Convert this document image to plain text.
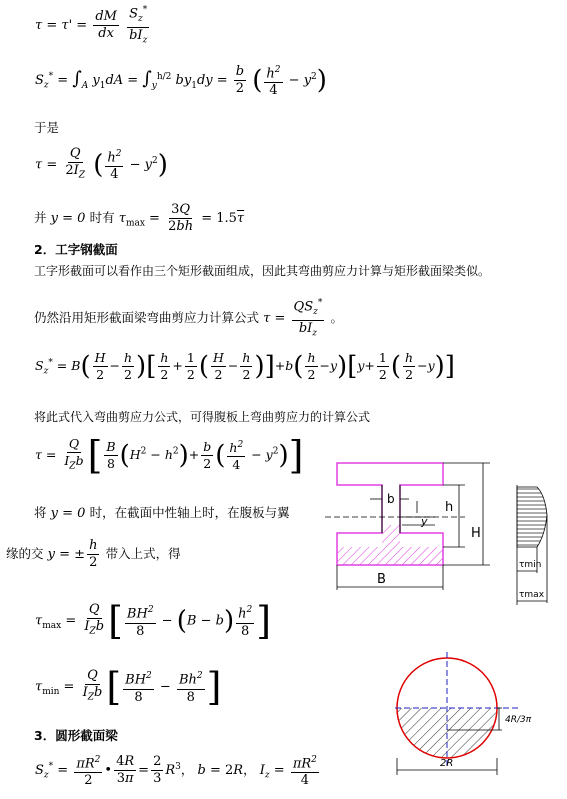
$\tau = \tau' = \frac{dM}{dx}$
$\frac{S_z^*}{bI_z}$
$S_z^* = \int_A$ $y_1dA = \int_y^{h/2}$ $by_1dy = \frac{b}{2}$ ( $\frac{h^2}{4} - y^2$)
于是
$\tau = \frac{Q}{2I_Z}$ ( $\frac{h^2}{4} - y^2$)
并 y = 0 时有 $\tau_{max} = \frac{3Q}{2bh} = 1.5\overline{\tau}$
2．工字钢截面
工字形截面可以看作由三个矩形截面组成，因此其弯曲剪应力计算与矩形截面梁类似。
仍然沿用矩形截面梁弯曲剪应力计算公式 $\tau = \frac{QS_z^*}{bI_z}$ 。
$S_z^* = B( \frac{H}{2} - \frac{h}{2}$ )[ $\frac{h}{2} + \frac{1}{2}$ ( $\frac{H}{2} - \frac{h}{2} )]+b( \frac{h}{2} -y)[y+ \frac{1}{2}$ ( $\frac{h}{2} -y$)]
将此式代入弯曲剪应力公式，可得腹板上弯曲剪应力的计算公式
$\tau = \frac{Q}{I_Zb}$ [ $\frac{B}{8} (H^2 - h^2)+ \frac{b}{2}$ ( $\frac{h^2}{4} - y^2$)]
将 y = 0 时，在截面中性轴上时，在腹板与翼
缘的交 y = ± $\frac{h}{2}$ 带入上式，得
$\tau_{max} = \frac{Q}{I_Zb}$ [ $\frac{BH^2}{8} - (B - b) \frac{h^2}{8}$ ]
$\tau_{min} = \frac{Q}{I_Zb}$ [ $\frac{BH^2}{8} - \frac{Bh^2}{8}$ ]
3．圆形截面梁
$S_z^* = \frac{\pi R^2}{2}$ • $\frac{4R}{3\pi} = \frac{2}{3} R^3$， b = 2R， $I_z = \frac{\pi R^2}{4}$
y
b
h
H
B
τmin
τmax
4R/3π
2R
